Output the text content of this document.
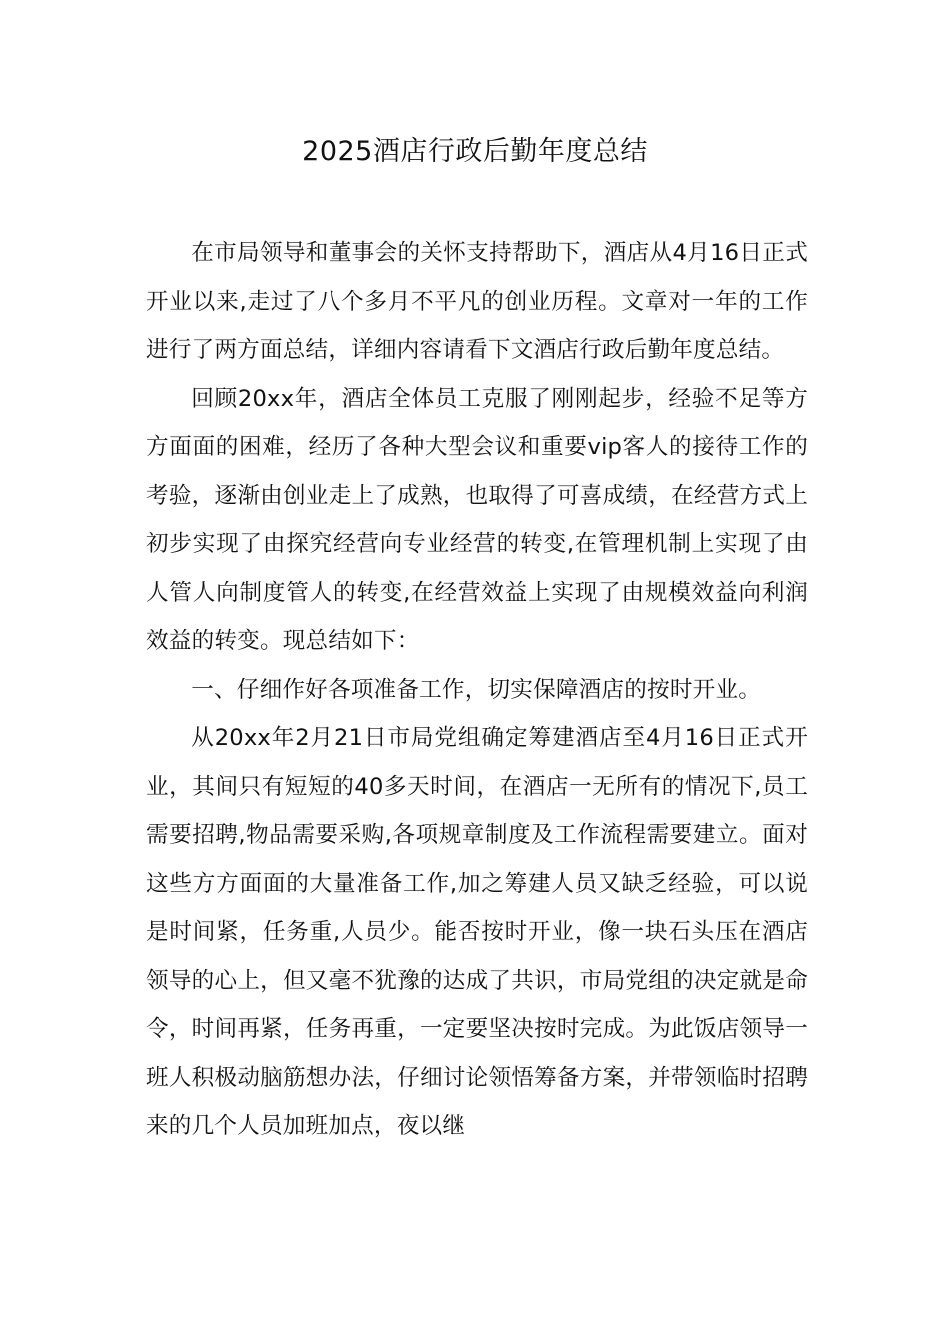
2025酒店行政后勤年度总结

在市局领导和董事会的关怀支持帮助下，酒店从4月16日正式开业以来,走过了八个多月不平凡的创业历程。文章对一年的工作进行了两方面总结，详细内容请看下文酒店行政后勤年度总结。

回顾20xx年，酒店全体员工克服了刚刚起步，经验不足等方方面面的困难，经历了各种大型会议和重要vip客人的接待工作的考验，逐渐由创业走上了成熟，也取得了可喜成绩，在经营方式上初步实现了由探究经营向专业经营的转变,在管理机制上实现了由人管人向制度管人的转变,在经营效益上实现了由规模效益向利润效益的转变。现总结如下：

一、仔细作好各项准备工作，切实保障酒店的按时开业。

从20xx年2月21日市局党组确定筹建酒店至4月16日正式开业，其间只有短短的40多天时间，在酒店一无所有的情况下,员工需要招聘,物品需要采购,各项规章制度及工作流程需要建立。面对这些方方面面的大量准备工作,加之筹建人员又缺乏经验，可以说是时间紧，任务重,人员少。能否按时开业，像一块石头压在酒店领导的心上，但又毫不犹豫的达成了共识，市局党组的决定就是命令，时间再紧，任务再重，一定要坚决按时完成。为此饭店领导一班人积极动脑筋想办法，仔细讨论领悟筹备方案，并带领临时招聘来的几个人员加班加点，夜以继
